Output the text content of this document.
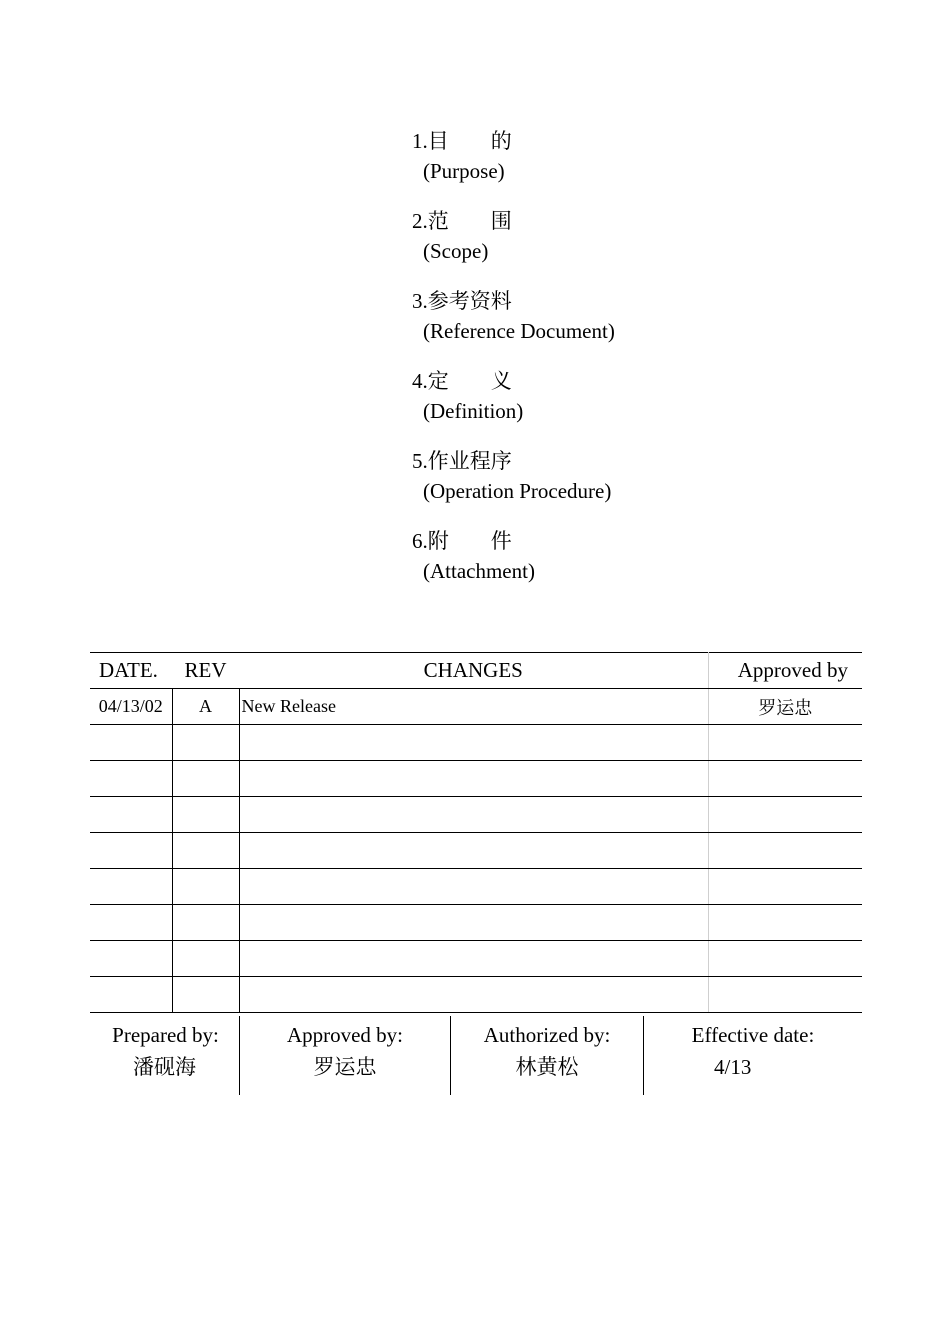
1.目　　的
(Purpose)
2.范　　围
(Scope)
3.参考资料
(Reference Document)
4.定　　义
(Definition)
5.作业程序
(Operation Procedure)
6.附　　件
(Attachment)
DATE.	REV	CHANGES	Approved by
04/13/02	A	New Release	罗运忠

Prepared by:
潘砚海
Approved by:
罗运忠
Authorized by:
林黄松
Effective date:
4/13
